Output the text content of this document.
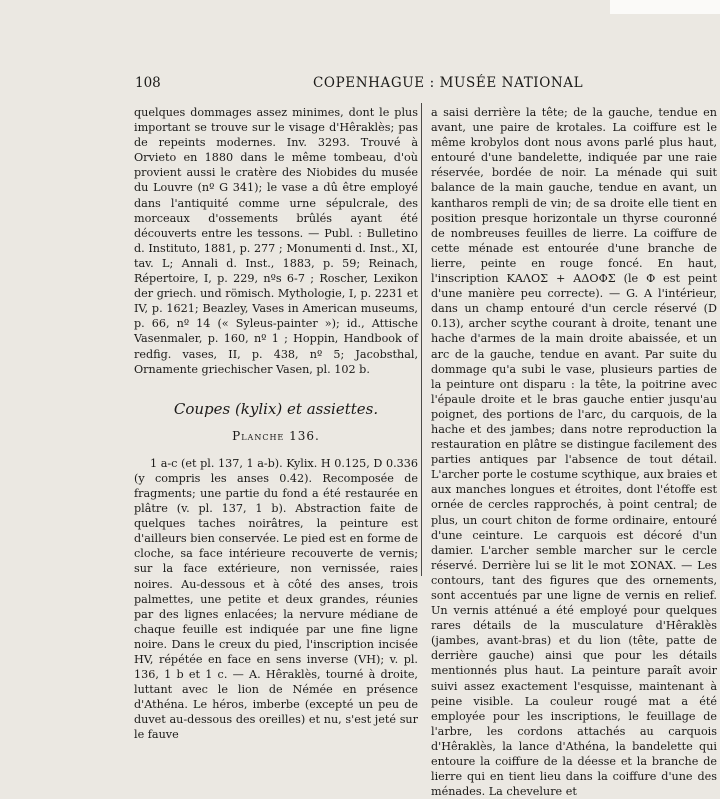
108	COPENHAGUE : MUSÉE NATIONAL

quelques dommages assez minimes, dont le plus important se trouve sur le visage d'Hêraklès; pas de repeints modernes. Inv. 3293. Trouvé à Orvieto en 1880 dans le même tombeau, d'où provient aussi le cratère des Niobides du musée du Louvre (nº G 341); le vase a dû être employé dans l'antiquité comme urne sépulcrale, des morceaux d'ossements brûlés ayant été découverts entre les tessons. — Publ. : Bulletino d. Instituto, 1881, p. 277 ; Monumenti d. Inst., XI, tav. L; Annali d. Inst., 1883, p. 59; Reinach, Répertoire, I, p. 229, nºs 6-7 ; Roscher, Lexikon der griech. und römisch. Mythologie, I, p. 2231 et IV, p. 1621; Beazley, Vases in American museums, p. 66, nº 14 (« Syleus-painter »); id., Attische Vasenmaler, p. 160, nº 1 ; Hoppin, Handbook of redfig. vases, II, p. 438, nº 5; Jacobsthal, Ornamente griechischer Vasen, pl. 102 b.

Coupes (kylix) et assiettes.
Planche 136.

1 a-c (et pl. 137, 1 a-b). Kylix. H 0.125, D 0.336 (y compris les anses 0.42). Recomposée de fragments; une partie du fond a été restaurée en plâtre (v. pl. 137, 1 b). Abstraction faite de quelques taches noirâtres, la peinture est d'ailleurs bien conservée. Le pied est en forme de cloche, sa face intérieure recouverte de vernis; sur la face extérieure, non vernissée, raies noires. Au-dessous et à côté des anses, trois palmettes, une petite et deux grandes, réunies par des lignes enlacées; la nervure médiane de chaque feuille est indiquée par une fine ligne noire. Dans le creux du pied, l'inscription incisée ΗV, répétée en face en sens inverse (VΗ); v. pl. 136, 1 b et 1 c. — A. Hêraklès, tourné à droite, luttant avec le lion de Némée en présence d'Athéna. Le héros, imberbe (excepté un peu de duvet au-dessous des oreilles) et nu, s'est jeté sur le fauve

a saisi derrière la tête; de la gauche, tendue en avant, une paire de krotales. La coiffure est le même krobylos dont nous avons parlé plus haut, entouré d'une bandelette, indiquée par une raie réservée, bordée de noir. La ménade qui suit balance de la main gauche, tendue en avant, un kantharos rempli de vin; de sa droite elle tient en position presque horizontale un thyrse couronné de nombreuses feuilles de lierre. La coiffure de cette ménade est entourée d'une branche de lierre, peinte en rouge foncé. En haut, l'inscription ΚΑΛΟΣ + ΑΔΟΦΣ (le Φ est peint d'une manière peu correcte). — G. A l'intérieur, dans un champ entouré d'un cercle réservé (D 0.13), archer scythe courant à droite, tenant une hache d'armes de la main droite abaissée, et un arc de la gauche, tendue en avant. Par suite du dommage qu'a subi le vase, plusieurs parties de la peinture ont disparu : la tête, la poitrine avec l'épaule droite et le bras gauche entier jusqu'au poignet, des portions de l'arc, du carquois, de la hache et des jambes; dans notre reproduction la restauration en plâtre se distingue facilement des parties antiques par l'absence de tout détail. L'archer porte le costume scythique, aux braies et aux manches longues et étroites, dont l'étoffe est ornée de cercles rapprochés, à point central; de plus, un court chiton de forme ordinaire, entouré d'une ceinture. Le carquois est décoré d'un damier. L'archer semble marcher sur le cercle réservé. Derrière lui se lit le mot ΣΟΝΑΧ. — Les contours, tant des figures que des ornements, sont accentués par une ligne de vernis en relief. Un vernis atténué a été employé pour quelques rares détails de la musculature d'Hêraklès (jambes, avant-bras) et du lion (tête, patte de derrière gauche) ainsi que pour les détails mentionnés plus haut. La peinture paraît avoir suivi assez exactement l'esquisse, maintenant à peine visible. La couleur rougé mat a été employée pour les inscriptions, le feuillage de l'arbre, les cordons attachés au carquois d'Hêraklès, la lance d'Athéna, la bandelette qui entoure la coiffure de la déesse et la branche de lierre qui en tient lieu dans la coiffure d'une des ménades. La chevelure et
